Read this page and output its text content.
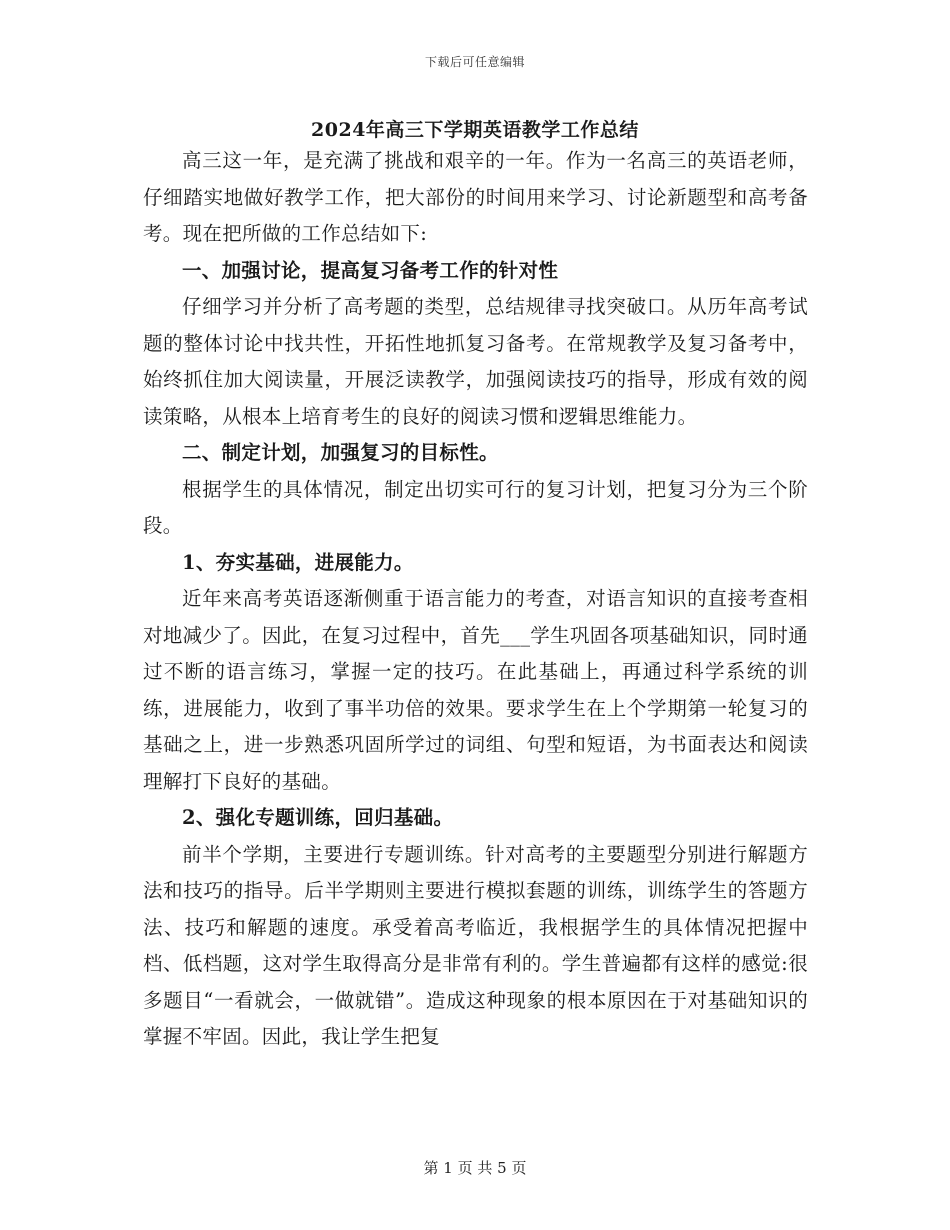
下载后可任意编辑
2024年高三下学期英语教学工作总结

高三这一年，是充满了挑战和艰辛的一年。作为一名高三的英语老师，仔细踏实地做好教学工作，把大部份的时间用来学习、讨论新题型和高考备考。现在把所做的工作总结如下:

一、加强讨论，提高复习备考工作的针对性

仔细学习并分析了高考题的类型，总结规律寻找突破口。从历年高考试题的整体讨论中找共性，开拓性地抓复习备考。在常规教学及复习备考中，始终抓住加大阅读量，开展泛读教学，加强阅读技巧的指导，形成有效的阅读策略，从根本上培育考生的良好的阅读习惯和逻辑思维能力。

二、制定计划，加强复习的目标性。

根据学生的具体情况，制定出切实可行的复习计划，把复习分为三个阶段。

1、夯实基础，进展能力。

近年来高考英语逐渐侧重于语言能力的考查，对语言知识的直接考查相对地减少了。因此，在复习过程中，首先___学生巩固各项基础知识，同时通过不断的语言练习，掌握一定的技巧。在此基础上，再通过科学系统的训练，进展能力，收到了事半功倍的效果。要求学生在上个学期第一轮复习的基础之上，进一步熟悉巩固所学过的词组、句型和短语，为书面表达和阅读理解打下良好的基础。

2、强化专题训练，回归基础。

前半个学期，主要进行专题训练。针对高考的主要题型分别进行解题方法和技巧的指导。后半学期则主要进行模拟套题的训练，训练学生的答题方法、技巧和解题的速度。承受着高考临近，我根据学生的具体情况把握中档、低档题，这对学生取得高分是非常有利的。学生普遍都有这样的感觉:很多题目“一看就会，一做就错”。造成这种现象的根本原因在于对基础知识的掌握不牢固。因此，我让学生把复

第 1 页 共 5 页
